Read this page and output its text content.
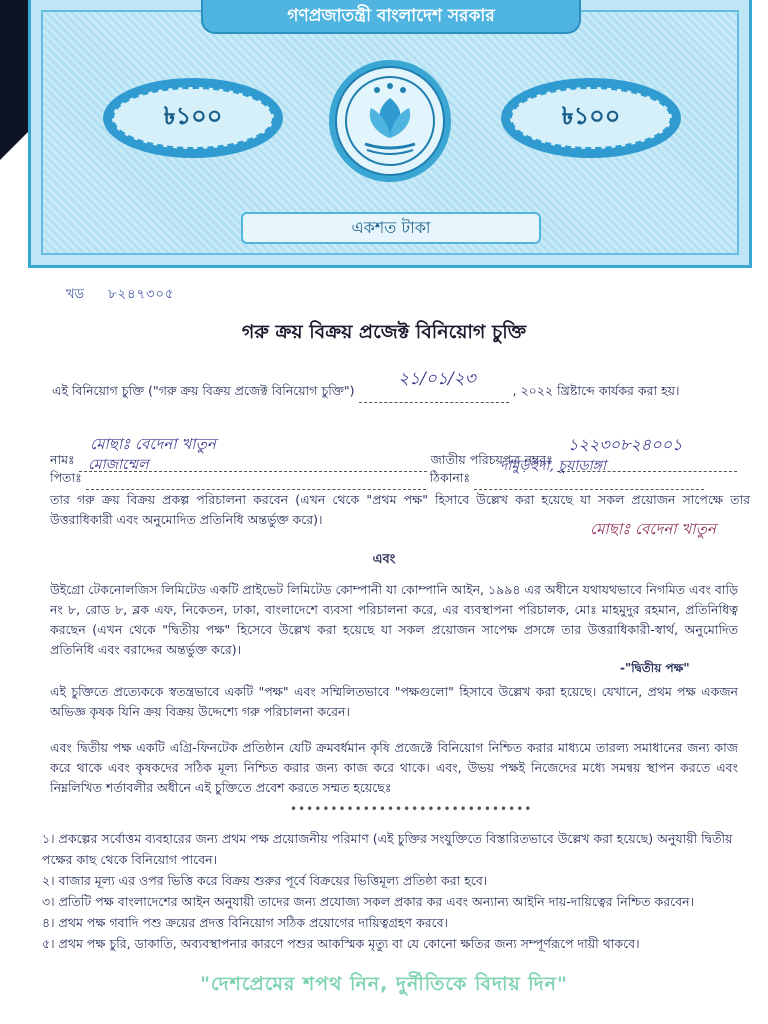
গণপ্রজাতন্ত্রী বাংলাদেশ সরকার
৳১০০	৳১০০
একশত টাকা
খড ৮২৪৭৩০৫
গরু ক্রয় বিক্রয় প্রজেক্ট বিনিয়োগ চুক্তি
এই বিনিয়োগ চুক্তি ("গরু ক্রয় বিক্রয় প্রজেক্ট বিনিয়োগ চুক্তি")	, ২০২২ খ্রিষ্টাব্দে কার্যকর করা হয়।
২১/০১/২৩
নামঃ	জাতীয় পরিচয়পত্র নম্বরঃ
মোছাঃ বেদেনা খাতুন	১২২৩০৮২৪০০১
পিতাঃ	ঠিকানাঃ
মোজাম্মেল	দামুড়হুদা, চুয়াডাঙ্গা
তার গরু ক্রয় বিক্রয় প্রকল্প পরিচালনা করবেন (এখন থেকে "প্রথম পক্ষ" হিসাবে উল্লেখ করা হয়েছে যা সকল প্রয়োজন সাপেক্ষে তার উত্তরাধিকারী এবং অনুমোদিত প্রতিনিধি অন্তর্ভুক্ত করে)।
মোছাঃ বেদেনা খাতুন
এবং
উইগ্রো টেকনোলজিস লিমিটেড একটি প্রাইভেট লিমিটেড কোম্পানী যা কোম্পানি আইন, ১৯৯৪ এর অধীনে যথাযথভাবে নিগমিত এবং বাড়ি নং ৮, রোড ৮, ব্লক এফ, নিকেতন, ঢাকা, বাংলাদেশে ব্যবসা পরিচালনা করে, এর ব্যবস্থাপনা পরিচালক, মোঃ মাহমুদুর রহমান, প্রতিনিধিত্ব করছেন (এখন থেকে "দ্বিতীয় পক্ষ" হিসেবে উল্লেখ করা হয়েছে যা সকল প্রয়োজন সাপেক্ষ প্রসঙ্গে তার উত্তরাধিকারী-স্বার্থ, অনুমোদিত প্রতিনিধি এবং বরাদ্দের অন্তর্ভুক্ত করে)।
-"দ্বিতীয় পক্ষ"
এই চুক্তিতে প্রত্যেককে স্বতন্ত্রভাবে একটি "পক্ষ" এবং সম্মিলিতভাবে "পক্ষগুলো" হিসাবে উল্লেখ করা হয়েছে। যেখানে, প্রথম পক্ষ একজন অভিজ্ঞ কৃষক যিনি ক্রয় বিক্রয় উদ্দেশ্যে গরু পরিচালনা করেন।
এবং দ্বিতীয় পক্ষ একটি এগ্রি-ফিনটেক প্রতিষ্ঠান যেটি ক্রমবর্ধমান কৃষি প্রজেক্টে বিনিয়োগ নিশ্চিত করার মাধ্যমে তারল্য সমাধানের জন্য কাজ করে থাকে এবং কৃষকদের সঠিক মূল্য নিশ্চিত করার জন্য কাজ করে থাকে। এবং, উভয় পক্ষই নিজেদের মধ্যে সমন্বয় স্থাপন করতে এবং নিম্নলিখিত শর্তাবলীর অধীনে এই চুক্তিতে প্রবেশ করতে সম্মত হয়েছেঃ
••••••••••••••••••••••••••••••
১। প্রকল্পের সর্বোত্তম ব্যবহারের জন্য প্রথম পক্ষ প্রয়োজনীয় পরিমাণ (এই চুক্তির সংযুক্তিতে বিস্তারিতভাবে উল্লেখ করা হয়েছে) অনুযায়ী দ্বিতীয় পক্ষের কাছ থেকে বিনিয়োগ পাবেন।
২। বাজার মূল্য এর ওপর ভিত্তি করে বিক্রয় শুরুর পূর্বে বিক্রয়ের ভিত্তিমূল্য প্রতিষ্ঠা করা হবে।
৩। প্রতিটি পক্ষ বাংলাদেশের আইন অনুযায়ী তাদের জন্য প্রযোজ্য সকল প্রকার কর এবং অন্যান্য আইনি দায়-দায়িত্বের নিশ্চিত করবেন।
৪। প্রথম পক্ষ গবাদি পশু ক্রয়ের প্রদত্ত বিনিয়োগ সঠিক প্রয়োগের দায়িত্বগ্রহণ করবে।
৫। প্রথম পক্ষ চুরি, ডাকাতি, অব্যবস্থাপনার কারণে পশুর আকস্মিক মৃত্যু বা যে কোনো ক্ষতির জন্য সম্পূর্ণরূপে দায়ী থাকবে।
"দেশপ্রেমের শপথ নিন, দুর্নীতিকে বিদায় দিন"
